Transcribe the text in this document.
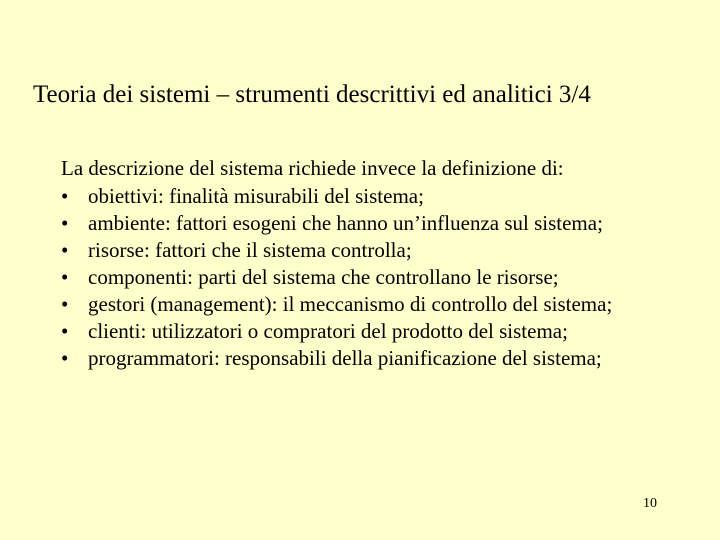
Teoria dei sistemi – strumenti descrittivi ed analitici 3/4

La descrizione del sistema richiede invece la definizione di:

• obiettivi: finalità misurabili del sistema;
• ambiente: fattori esogeni che hanno un’influenza sul sistema;
• risorse: fattori che il sistema controlla;
• componenti: parti del sistema che controllano le risorse;
• gestori (management): il meccanismo di controllo del sistema;
• clienti: utilizzatori o compratori del prodotto del sistema;
• programmatori: responsabili della pianificazione del sistema;
10
